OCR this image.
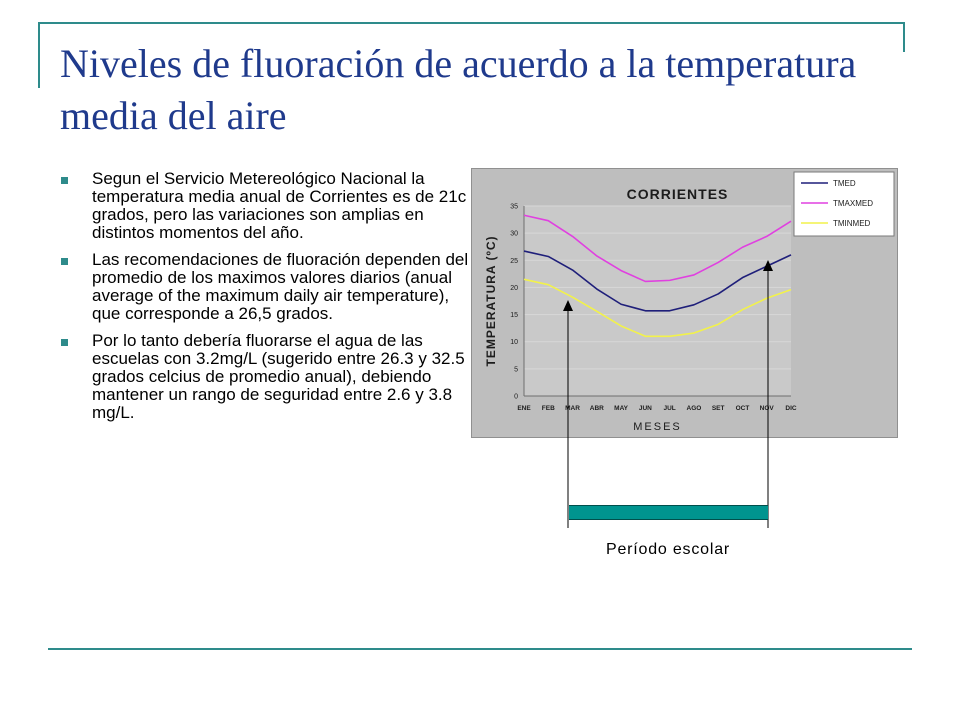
Niveles de fluoración de acuerdo a la temperatura media del aire
Segun el Servicio Metereológico Nacional la temperatura media anual de Corrientes es de 21c grados, pero las variaciones son amplias en distintos momentos del año.
Las recomendaciones de fluoración dependen del promedio de los maximos valores diarios (anual average of the maximum daily air temperature), que corresponde a 26,5 grados.
Por lo tanto debería fluorarse el agua de las escuelas con 3.2mg/L (sugerido entre 26.3 y 32.5 grados celcius de promedio anual), debiendo mantener un rango de seguridad entre 2.6 y 3.8 mg/L.
CORRIENTES
0
5
10
15
20
25
30
35
ENE FEB MAR ABR MAY JUN JUL AGO SET OCT NOV DIC
MESES
TEMPERATURA (ºC)
TMED
TMAXMED
TMINMED
Período escolar
